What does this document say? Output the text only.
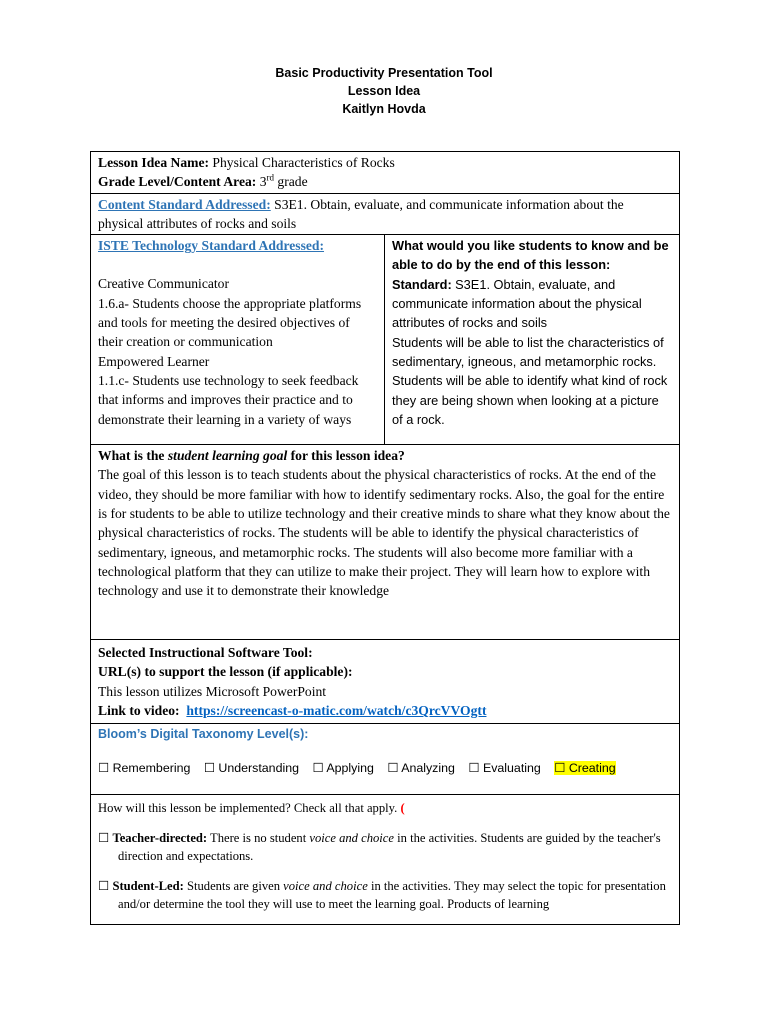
Basic Productivity Presentation Tool
Lesson Idea
Kaitlyn Hovda

Lesson Idea Name: Physical Characteristics of Rocks

Grade Level/Content Area: 3rd grade

Content Standard Addressed: S3E1. Obtain, evaluate, and communicate information about the physical attributes of rocks and soils

ISTE Technology Standard Addressed:

Creative Communicator

1.6.a- Students choose the appropriate platforms and tools for meeting the desired objectives of their creation or communication

Empowered Learner

1.1.c- Students use technology to seek feedback that informs and improves their practice and to demonstrate their learning in a variety of ways

What would you like students to know and be able to do by the end of this lesson:

Standard: S3E1. Obtain, evaluate, and communicate information about the physical attributes of rocks and soils

Students will be able to list the characteristics of sedimentary, igneous, and metamorphic rocks. Students will be able to identify what kind of rock they are being shown when looking at a picture of a rock.

What is the student learning goal for this lesson idea?

The goal of this lesson is to teach students about the physical characteristics of rocks. At the end of the video, they should be more familiar with how to identify sedimentary rocks. Also, the goal for the entire is for students to be able to utilize technology and their creative minds to share what they know about the physical characteristics of rocks. The students will be able to identify the physical characteristics of sedimentary, igneous, and metamorphic rocks. The students will also become more familiar with a technological platform that they can utilize to make their project. They will learn how to explore with technology and use it to demonstrate their knowledge

Selected Instructional Software Tool:

URL(s) to support the lesson (if applicable):

This lesson utilizes Microsoft PowerPoint

Link to video: https://screencast-o-matic.com/watch/c3QrcVVOgtt

Bloom’s Digital Taxonomy Level(s):

☐ Remembering ☐ Understanding ☐ Applying ☐ Analyzing ☐ Evaluating ☐ Creating

How will this lesson be implemented? Check all that apply. (

☐ Teacher-directed: There is no student voice and choice in the activities. Students are guided by the teacher's direction and expectations.

☐ Student-Led: Students are given voice and choice in the activities. They may select the topic for presentation and/or determine the tool they will use to meet the learning goal. Products of learning
